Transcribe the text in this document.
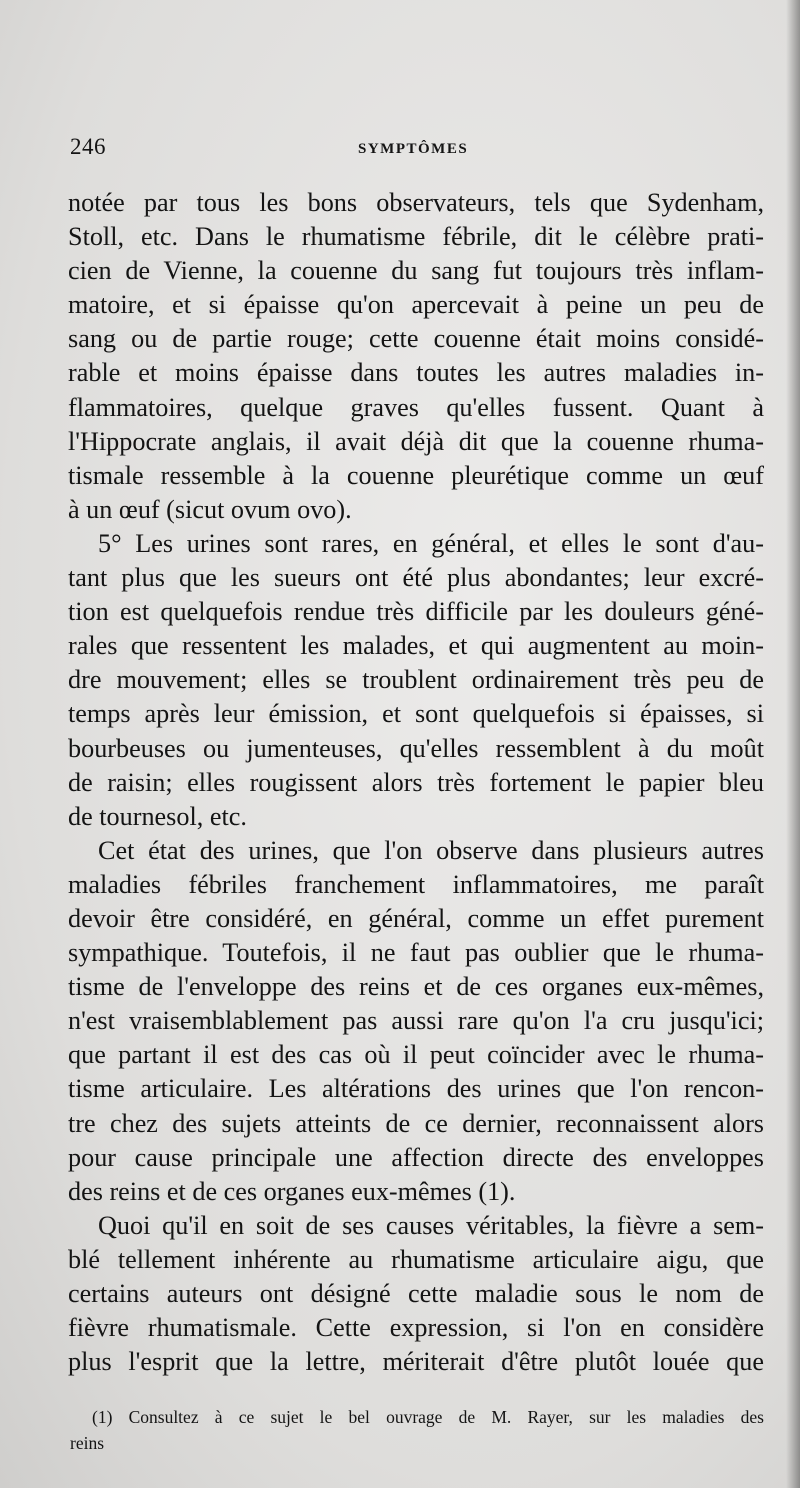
246	SYMPTÔMES
notée par tous les bons observateurs, tels que Sydenham,
Stoll, etc. Dans le rhumatisme fébrile, dit le célèbre prati-
cien de Vienne, la couenne du sang fut toujours très inflam-
matoire, et si épaisse qu'on apercevait à peine un peu de
sang ou de partie rouge; cette couenne était moins considé-
rable et moins épaisse dans toutes les autres maladies in-
flammatoires, quelque graves qu'elles fussent. Quant à
l'Hippocrate anglais, il avait déjà dit que la couenne rhuma-
tismale ressemble à la couenne pleurétique comme un œuf
à un œuf (sicut ovum ovo).
5° Les urines sont rares, en général, et elles le sont d'au-
tant plus que les sueurs ont été plus abondantes; leur excré-
tion est quelquefois rendue très difficile par les douleurs géné-
rales que ressentent les malades, et qui augmentent au moin-
dre mouvement; elles se troublent ordinairement très peu de
temps après leur émission, et sont quelquefois si épaisses, si
bourbeuses ou jumenteuses, qu'elles ressemblent à du moût
de raisin; elles rougissent alors très fortement le papier bleu
de tournesol, etc.
Cet état des urines, que l'on observe dans plusieurs autres
maladies fébriles franchement inflammatoires, me paraît
devoir être considéré, en général, comme un effet purement
sympathique. Toutefois, il ne faut pas oublier que le rhuma-
tisme de l'enveloppe des reins et de ces organes eux-mêmes,
n'est vraisemblablement pas aussi rare qu'on l'a cru jusqu'ici;
que partant il est des cas où il peut coïncider avec le rhuma-
tisme articulaire. Les altérations des urines que l'on rencon-
tre chez des sujets atteints de ce dernier, reconnaissent alors
pour cause principale une affection directe des enveloppes
des reins et de ces organes eux-mêmes (1).
Quoi qu'il en soit de ses causes véritables, la fièvre a sem-
blé tellement inhérente au rhumatisme articulaire aigu, que
certains auteurs ont désigné cette maladie sous le nom de
fièvre rhumatismale. Cette expression, si l'on en considère
plus l'esprit que la lettre, mériterait d'être plutôt louée que
(1) Consultez à ce sujet le bel ouvrage de M. Rayer, sur les maladies des
reins
